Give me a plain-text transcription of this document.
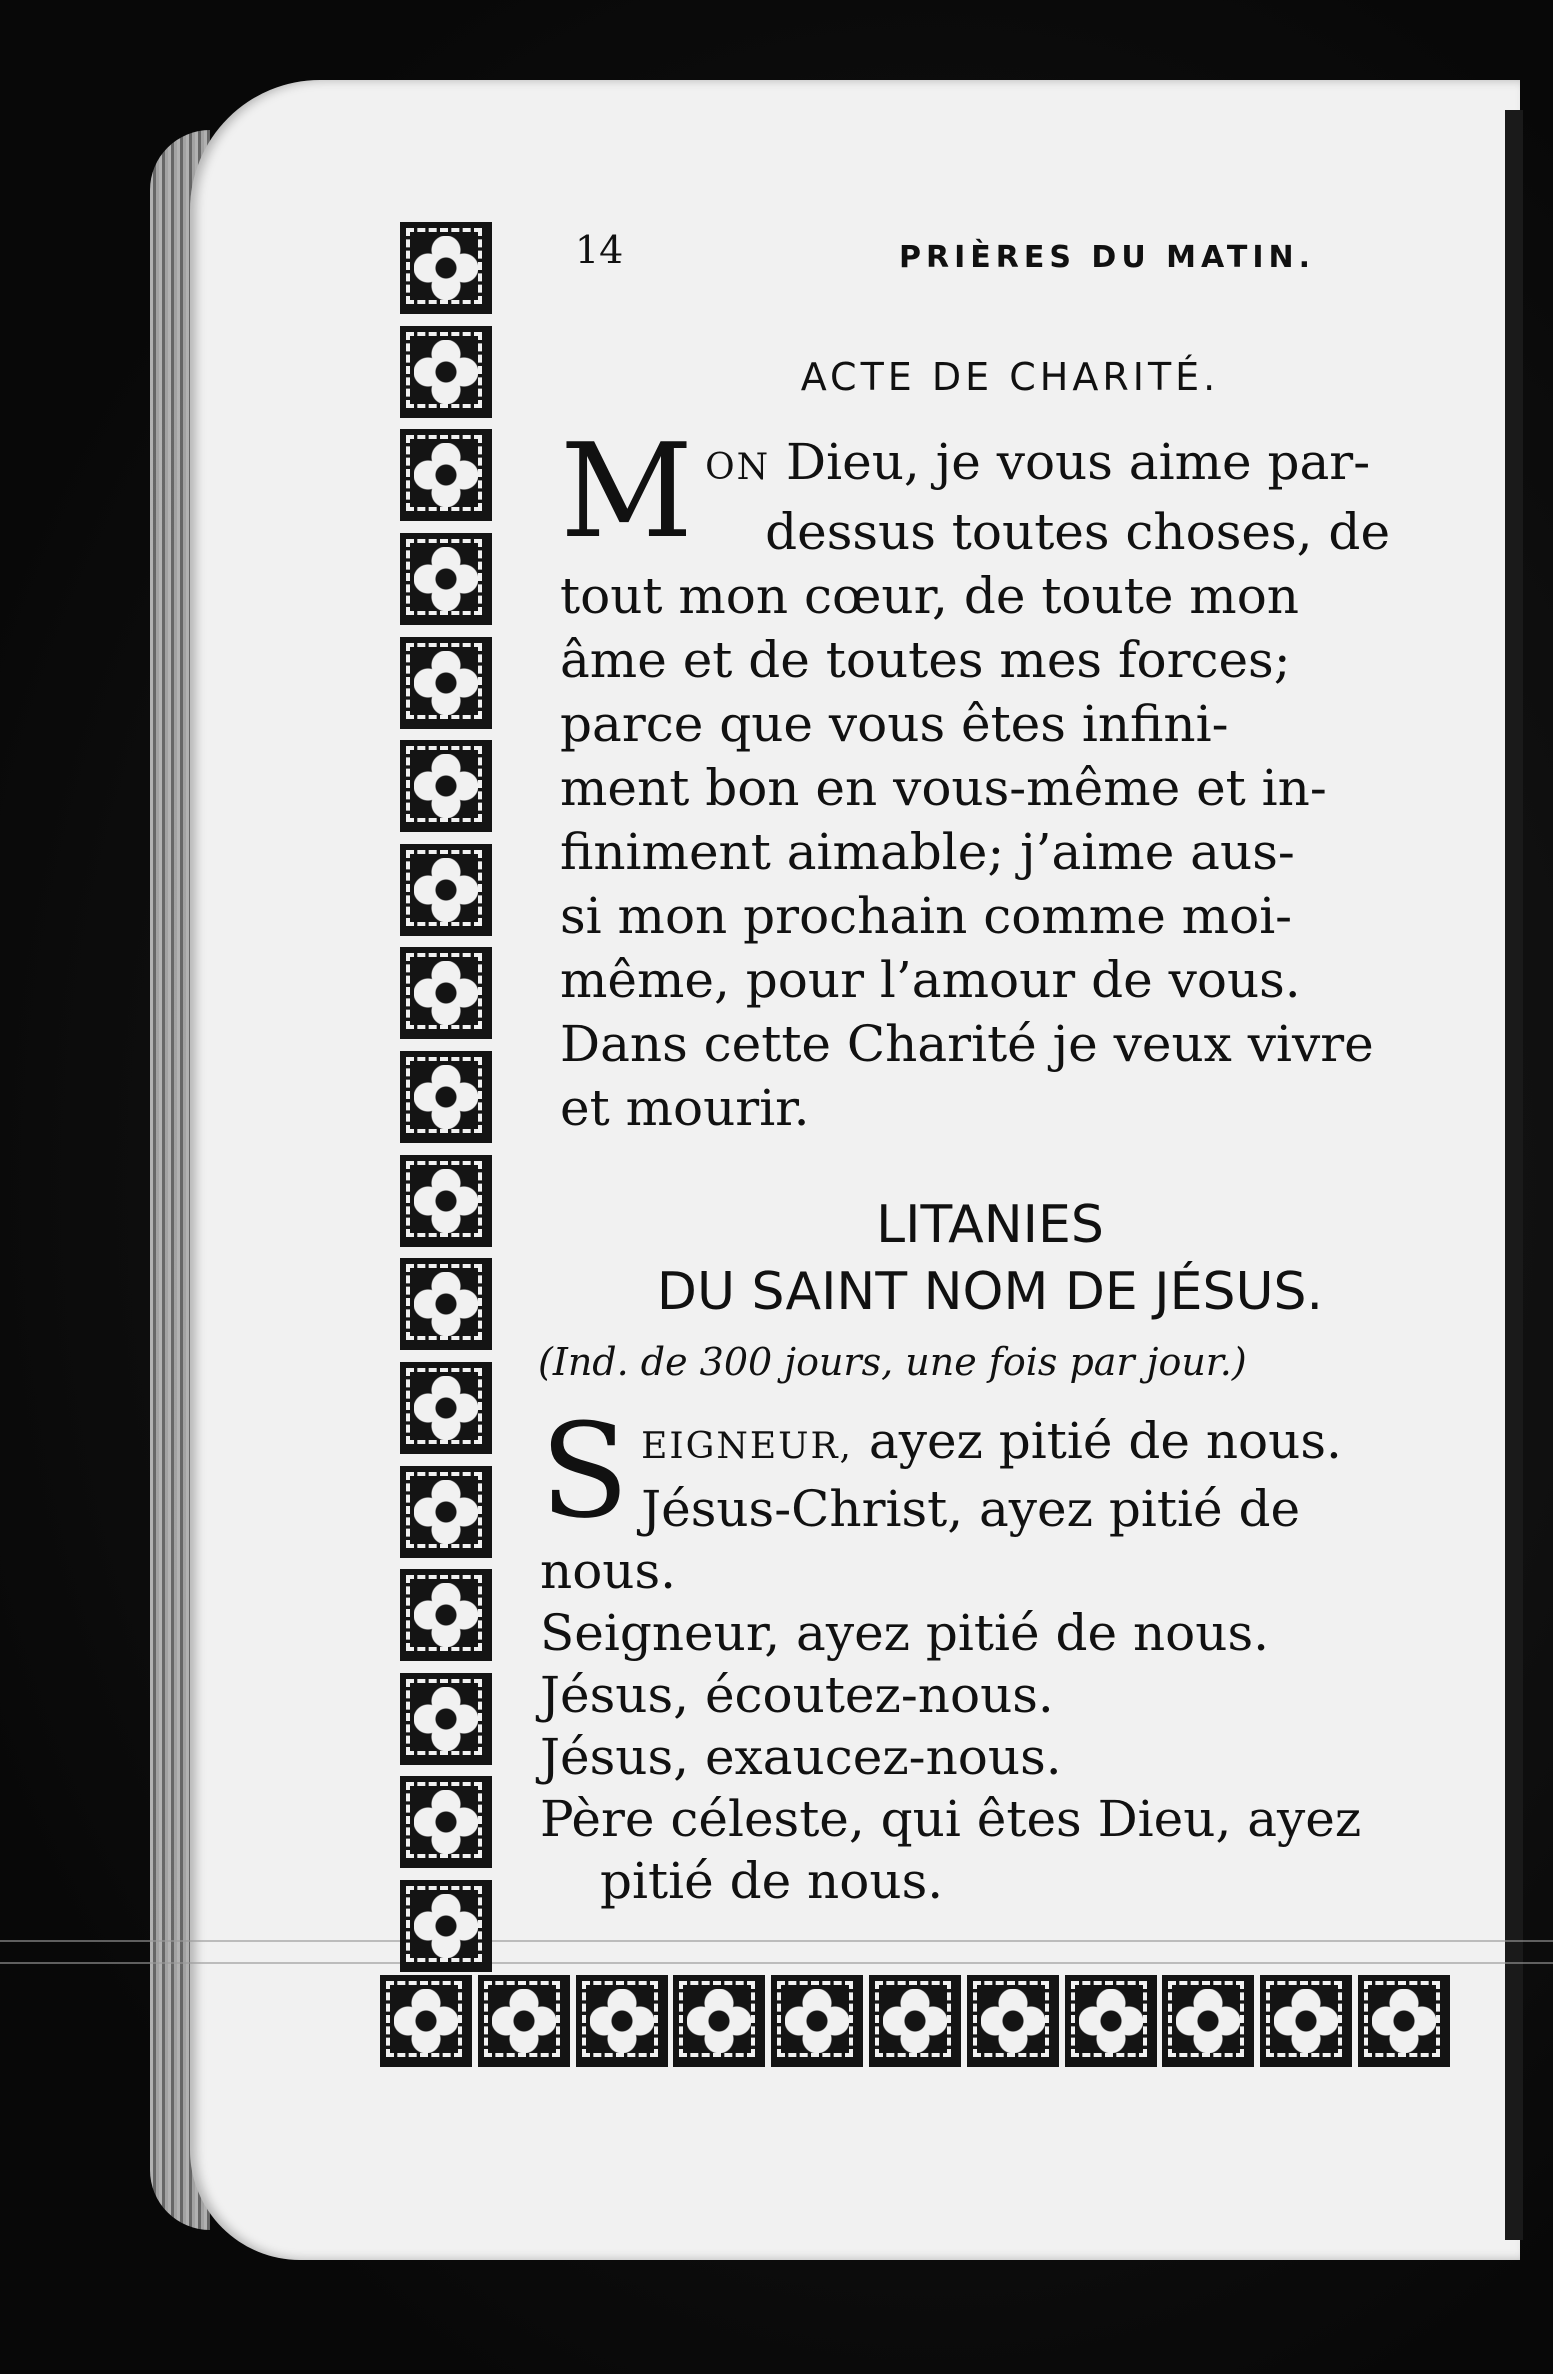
14	PRIÈRES DU MATIN.
ACTE DE CHARITÉ.
M ON Dieu, je vous aime par-
dessus toutes choses, de
tout mon cœur, de toute mon
âme et de toutes mes forces;
parce que vous êtes infini-
ment bon en vous-même et in-
finiment aimable; j’aime aus-
si mon prochain comme moi-
même, pour l’amour de vous.
Dans cette Charité je veux vivre
et mourir.
LITANIES
DU SAINT NOM DE JÉSUS.
(Ind. de 300 jours, une fois par jour.)
S EIGNEUR, ayez pitié de nous.
Jésus-Christ, ayez pitié de
nous.
Seigneur, ayez pitié de nous.
Jésus, écoutez-nous.
Jésus, exaucez-nous.
Père céleste, qui êtes Dieu, ayez
pitié de nous.
